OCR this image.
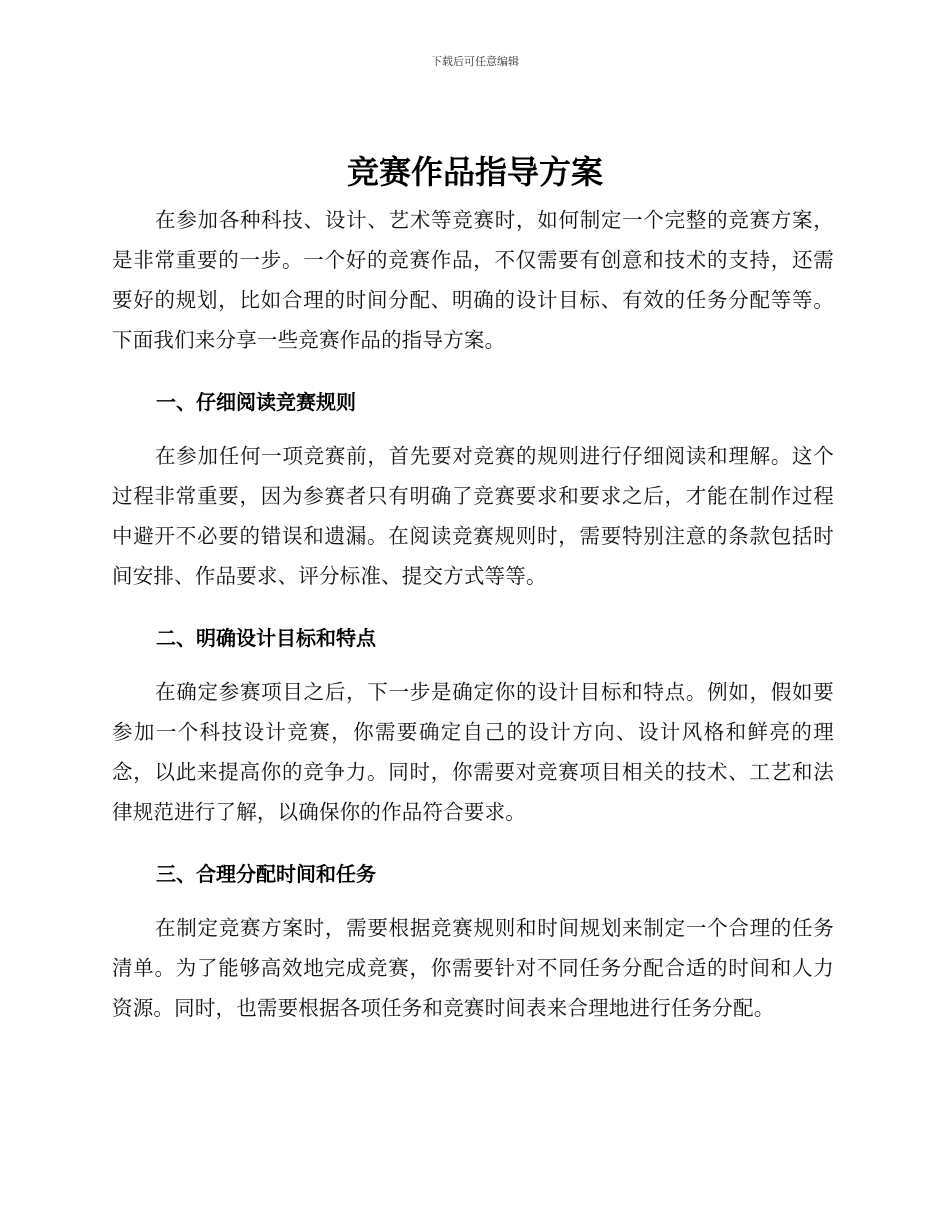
下载后可任意编辑
竞赛作品指导方案

在参加各种科技、设计、艺术等竞赛时，如何制定一个完整的竞赛方案，是非常重要的一步。一个好的竞赛作品，不仅需要有创意和技术的支持，还需要好的规划，比如合理的时间分配、明确的设计目标、有效的任务分配等等。下面我们来分享一些竞赛作品的指导方案。

一、仔细阅读竞赛规则

在参加任何一项竞赛前，首先要对竞赛的规则进行仔细阅读和理解。这个过程非常重要，因为参赛者只有明确了竞赛要求和要求之后，才能在制作过程中避开不必要的错误和遗漏。在阅读竞赛规则时，需要特别注意的条款包括时间安排、作品要求、评分标准、提交方式等等。

二、明确设计目标和特点

在确定参赛项目之后，下一步是确定你的设计目标和特点。例如，假如要参加一个科技设计竞赛，你需要确定自己的设计方向、设计风格和鲜亮的理念，以此来提高你的竞争力。同时，你需要对竞赛项目相关的技术、工艺和法律规范进行了解，以确保你的作品符合要求。

三、合理分配时间和任务

在制定竞赛方案时，需要根据竞赛规则和时间规划来制定一个合理的任务清单。为了能够高效地完成竞赛，你需要针对不同任务分配合适的时间和人力资源。同时，也需要根据各项任务和竞赛时间表来合理地进行任务分配。
